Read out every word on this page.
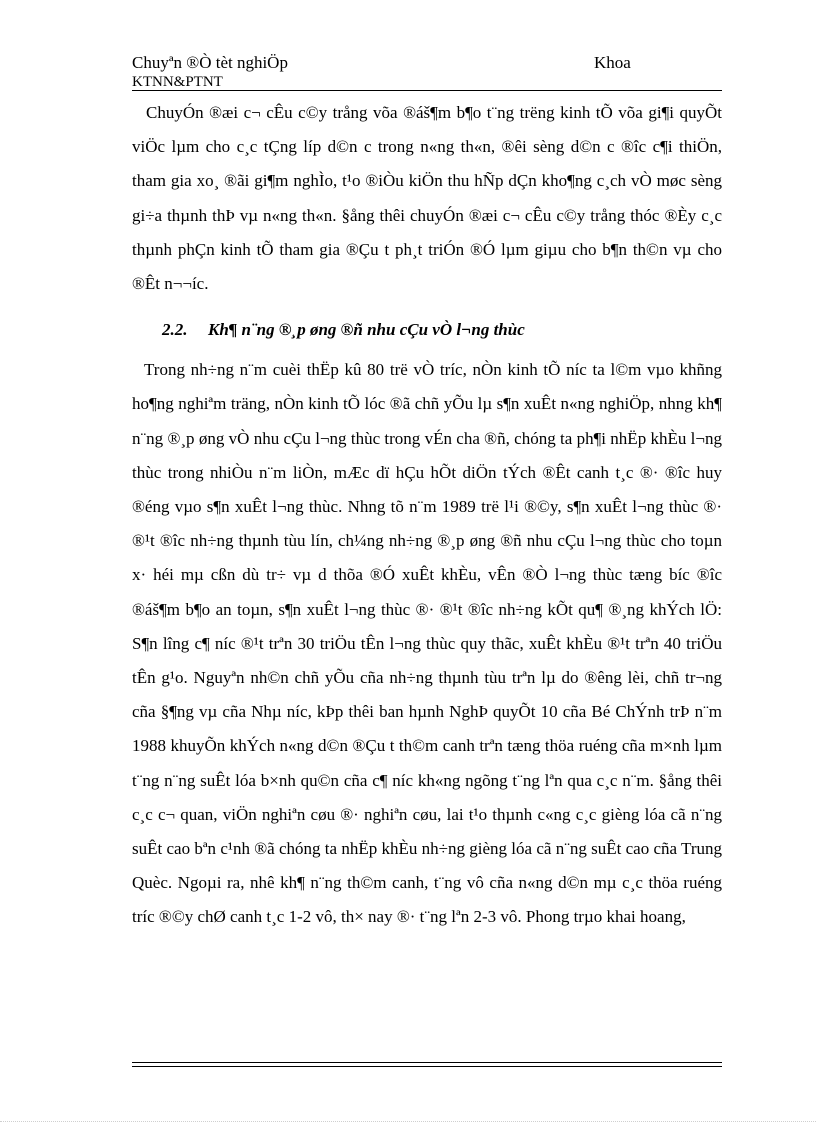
Chuyªn ®Ò tèt nghiÖp	Khoa
KTNN&PTNT

ChuyÓn ®æi c¬ cÊu c©y trång võa ®áš¶m b¶o t¨ng trëng kinh tÕ võa gi¶i quyÕt viÖc lµm cho c¸c tÇng líp d©n c trong n«ng th«n, ®êi sèng d©n c ®îc c¶i thiÖn, tham gia xo¸ ®ãi gi¶m nghÌo, t¹o ®iÒu kiÖn thu hÑp dÇn kho¶ng c¸ch vÒ møc sèng gi÷a thµnh thÞ vµ n«ng th«n. §ång thêi chuyÓn ®æi c¬ cÊu c©y trång thóc ®Èy c¸c thµnh phÇn kinh tÕ tham gia ®Çu t ph¸t triÓn ®Ó lµm giµu cho b¶n th©n vµ cho ®Êt n¬¬íc.

2.2. Kh¶ n¨ng ®¸p øng ®ñ nhu cÇu vÒ l¬ng thùc

Trong nh÷ng n¨m cuèi thËp kû 80 trë vÒ tríc, nÒn kinh tÕ níc ta l©m vµo khñng ho¶ng nghiªm träng, nÒn kinh tÕ lóc ®ã chñ yÕu lµ s¶n xuÊt n«ng nghiÖp, nhng kh¶ n¨ng ®¸p øng vÒ nhu cÇu l¬ng thùc trong vÉn cha ®ñ, chóng ta ph¶i nhËp khÈu l¬ng thùc trong nhiÒu n¨m liÒn, mÆc dï hÇu hÕt diÖn tÝch ®Êt canh t¸c ®· ®îc huy ®éng vµo s¶n xuÊt l¬ng thùc. Nhng tõ n¨m 1989 trë l¹i ®©y, s¶n xuÊt l¬ng thùc ®· ®¹t ®îc nh÷ng thµnh tùu lín, ch¼ng nh÷ng ®¸p øng ®ñ nhu cÇu l¬ng thùc cho toµn x· héi mµ cßn dù tr÷ vµ d thõa ®Ó xuÊt khÈu, vÊn ®Ò l¬ng thùc tæng bíc ®îc ®áš¶m b¶o an toµn, s¶n xuÊt l¬ng thùc ®· ®¹t ®îc nh÷ng kÕt qu¶ ®¸ng khÝch lÖ: S¶n lîng c¶ níc ®¹t trªn 30 triÖu tÊn l¬ng thùc quy thãc, xuÊt khÈu ®¹t trªn 40 triÖu tÊn g¹o. Nguyªn nh©n chñ yÕu cña nh÷ng thµnh tùu trªn lµ do ®êng lèi, chñ tr¬ng cña §¶ng vµ cña Nhµ níc, kÞp thêi ban hµnh NghÞ quyÕt 10 cña Bé ChÝnh trÞ n¨m 1988 khuyÕn khÝch n«ng d©n ®Çu t th©m canh trªn tæng thöa ruéng cña m×nh lµm t¨ng n¨ng suÊt lóa b×nh qu©n cña c¶ níc kh«ng ngõng t¨ng lªn qua c¸c n¨m. §ång thêi c¸c c¬ quan, viÖn nghiªn cøu ®· nghiªn cøu, lai t¹o thµnh c«ng c¸c gièng lóa cã n¨ng suÊt cao bªn c¹nh ®ã chóng ta nhËp khÈu nh÷ng gièng lóa cã n¨ng suÊt cao cña Trung Quèc. Ngoµi ra, nhê kh¶ n¨ng th©m canh, t¨ng vô cña n«ng d©n mµ c¸c thöa ruéng tríc ®©y chØ canh t¸c 1-2 vô, th× nay ®· t¨ng lªn 2-3 vô. Phong trµo khai hoang,
